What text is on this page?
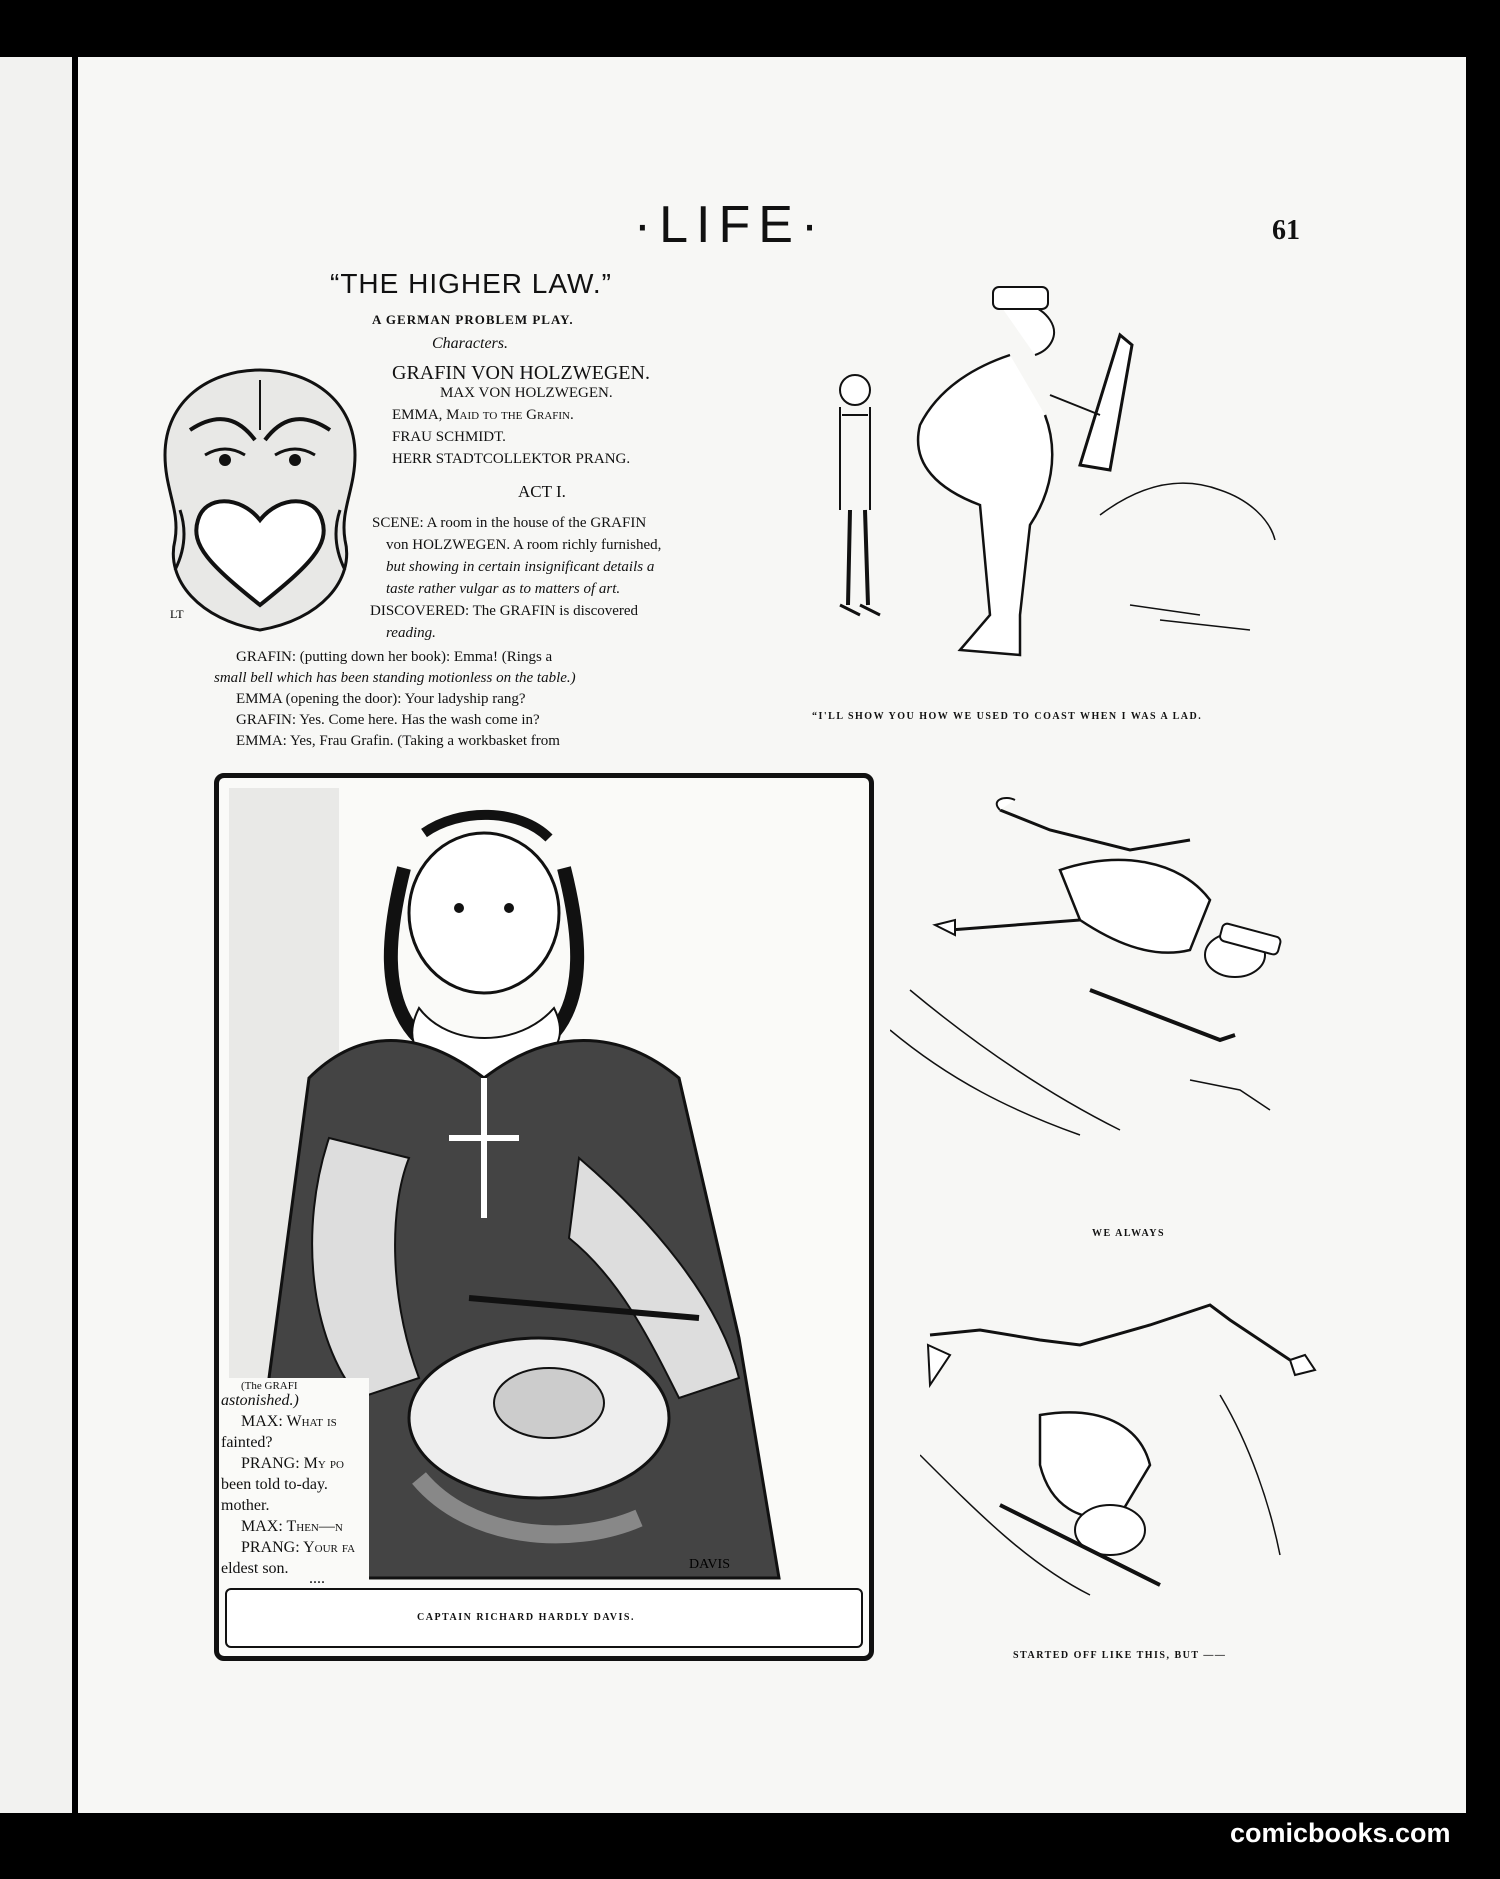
·LIFE·	61
“THE HIGHER LAW.”
A GERMAN PROBLEM PLAY.
Characters.
GRAFIN VON HOLZWEGEN.
MAX VON HOLZWEGEN.
EMMA, Maid to the Grafin.
FRAU SCHMIDT.
HERR STADTCOLLEKTOR PRANG.
ACT I.
SCENE: A room in the house of the GRAFIN
von HOLZWEGEN. A room richly furnished,
but showing in certain insignificant details a
taste rather vulgar as to matters of art.
DISCOVERED: The GRAFIN is discovered
reading.
GRAFIN: (putting down her book): Emma! (Rings a
small bell which has been standing motionless on the table.)
EMMA (opening the door): Your ladyship rang?
GRAFIN: Yes. Come here. Has the wash come in?
EMMA: Yes, Frau Grafin. (Taking a workbasket from
LT
“I'LL SHOW YOU HOW WE USED TO COAST WHEN I WAS A LAD.
DAVIS
(The GRAFI
astonished.)
MAX: What is
fainted?
PRANG: My po
been told to-day.
mother.
MAX: Then—n
PRANG: Your fa
eldest son.
....
CAPTAIN RICHARD HARDLY DAVIS.
WE ALWAYS
STARTED OFF LIKE THIS, BUT ——
comicbooks.com
